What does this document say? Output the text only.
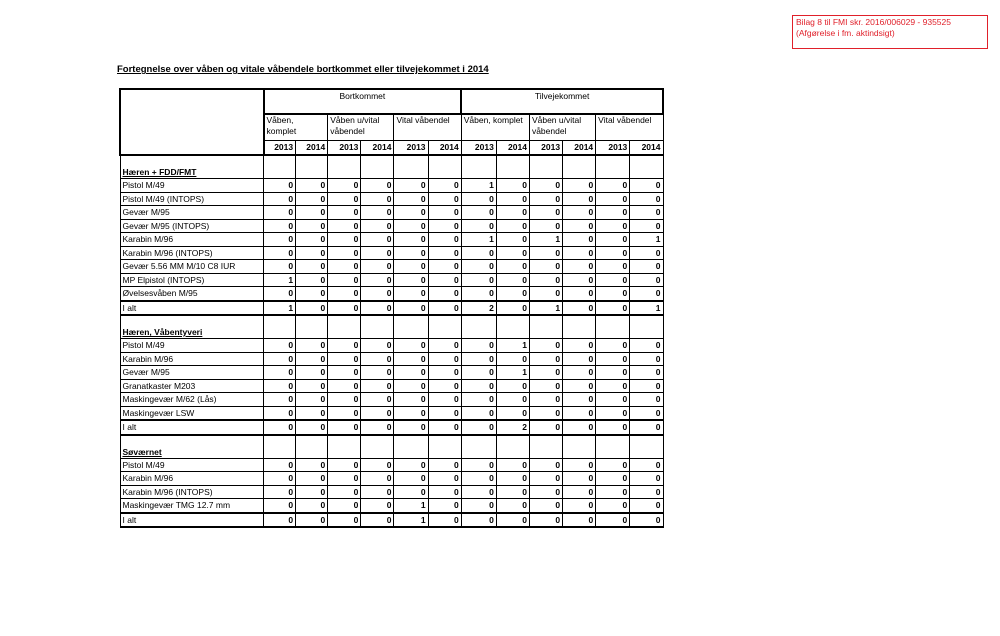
Bilag 8 til FMI skr. 2016/006029 - 935525
(Afgørelse i fm. aktindsigt)
Fortegnelse over våben og vitale våbendele bortkommet eller tilvejekommet i 2014
	Bortkommet						Tilvejekommet					
	Våben, komplet		Våben u/vital våbendel		Vital våbendel		Våben, komplet		Våben u/vital våbendel		Vital våbendel	
	2013	2014	2013	2014	2013	2014	2013	2014	2013	2014	2013	2014
Hæren + FDD/FMT												
Pistol M/49	0	0	0	0	0	0	1	0	0	0	0	0
Pistol M/49 (INTOPS)	0	0	0	0	0	0	0	0	0	0	0	0
Gevær M/95	0	0	0	0	0	0	0	0	0	0	0	0
Gevær M/95 (INTOPS)	0	0	0	0	0	0	0	0	0	0	0	0
Karabin M/96	0	0	0	0	0	0	1	0	1	0	0	1
Karabin M/96 (INTOPS)	0	0	0	0	0	0	0	0	0	0	0	0
Gevær 5.56 MM M/10 C8 IUR	0	0	0	0	0	0	0	0	0	0	0	0
MP Elpistol (INTOPS)	1	0	0	0	0	0	0	0	0	0	0	0
Øvelsesvåben M/95	0	0	0	0	0	0	0	0	0	0	0	0
I alt	1	0	0	0	0	0	2	0	1	0	0	1
Hæren, Våbentyveri												
Pistol M/49	0	0	0	0	0	0	0	1	0	0	0	0
Karabin M/96	0	0	0	0	0	0	0	0	0	0	0	0
Gevær M/95	0	0	0	0	0	0	0	1	0	0	0	0
Granatkaster M203	0	0	0	0	0	0	0	0	0	0	0	0
Maskingevær M/62 (Lås)	0	0	0	0	0	0	0	0	0	0	0	0
Maskingevær LSW	0	0	0	0	0	0	0	0	0	0	0	0
I alt	0	0	0	0	0	0	0	2	0	0	0	0
Søværnet												
Pistol M/49	0	0	0	0	0	0	0	0	0	0	0	0
Karabin M/96	0	0	0	0	0	0	0	0	0	0	0	0
Karabin M/96 (INTOPS)	0	0	0	0	0	0	0	0	0	0	0	0
Maskingevær TMG 12.7 mm	0	0	0	0	1	0	0	0	0	0	0	0
I alt	0	0	0	0	1	0	0	0	0	0	0	0
